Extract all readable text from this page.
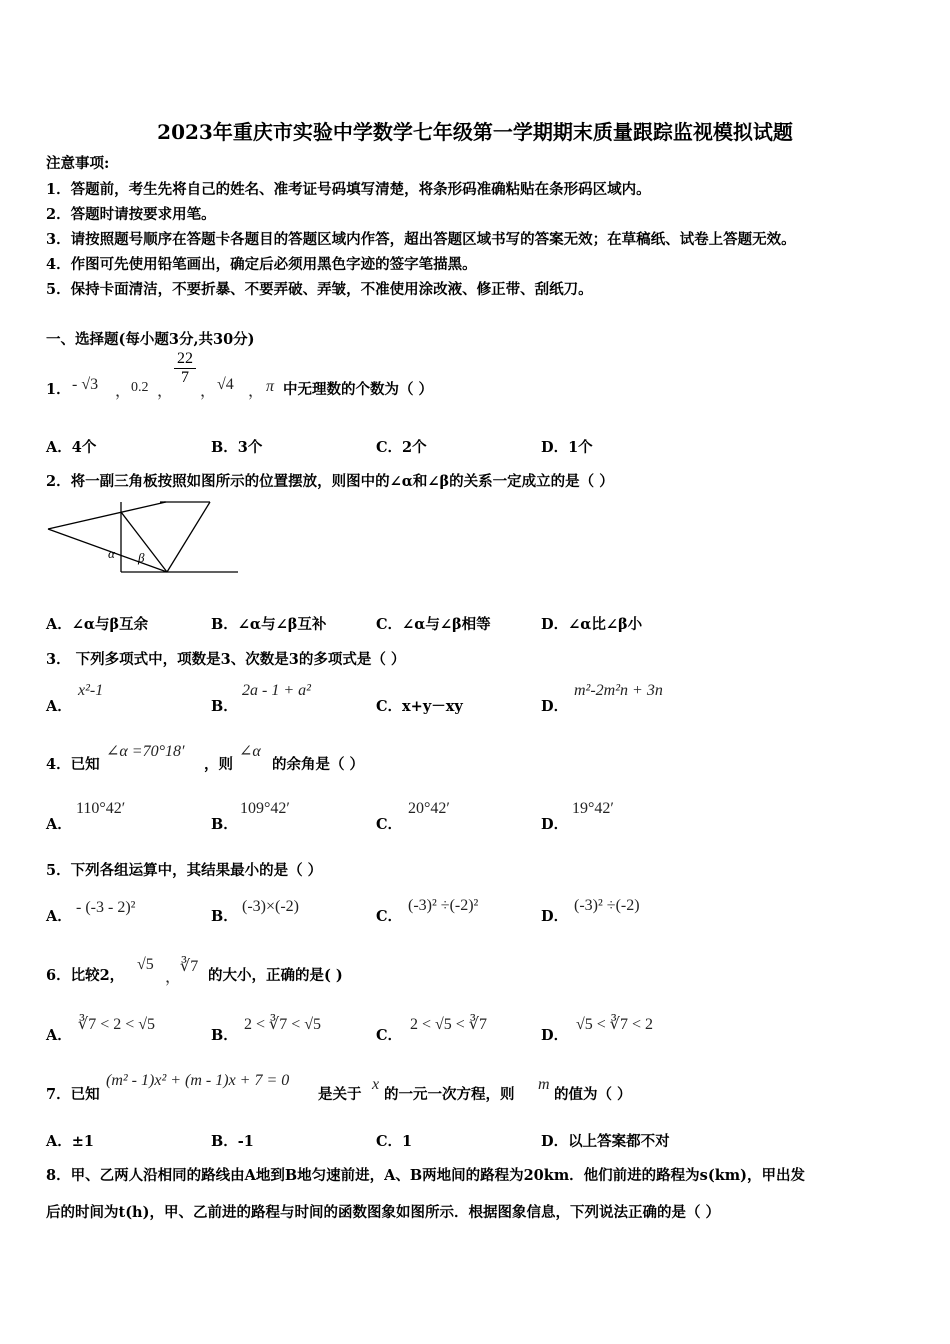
2023年重庆市实验中学数学七年级第一学期期末质量跟踪监视模拟试题
注意事项:
1．答题前，考生先将自己的姓名、准考证号码填写清楚，将条形码准确粘贴在条形码区域内。
2．答题时请按要求用笔。
3．请按照题号顺序在答题卡各题目的答题区域内作答，超出答题区域书写的答案无效；在草稿纸、试卷上答题无效。
4．作图可先使用铅笔画出，确定后必须用黑色字迹的签字笔描黑。
5．保持卡面清洁，不要折暴、不要弄破、弄皱，不准使用涂改液、修正带、刮纸刀。
一、选择题(每小题3分,共30分)
1． - √3 ， 0.2 ，
$\frac{22}{7}$
， √4 ， π 中无理数的个数为（ ）
A．4个	B．3个	C．2个	D．1个
2．将一副三角板按照如图所示的位置摆放，则图中的∠α和∠β的关系一定成立的是（ ）
α β
A．∠α与β互余	B．∠α与∠β互补	C．∠α与∠β相等	D．∠α比∠β小
3． 下列多项式中，项数是3、次数是3的多项式是（ ）
A．
x²-1
B．
2a - 1 + a²
C．x+y－xy	D．
m²-2m²n + 3n
4．已知
∠α =70°18′
，则
∠α
的余角是（ ）
A．
110°42′
B．
109°42′
C．
20°42′
D．
19°42′
5．下列各组运算中，其结果最小的是（ ）
A．
- (-3 - 2)²
B．
(-3)×(-2)
C．
(-3)² ÷(-2)²
D．
(-3)² ÷(-2)
6．比较2，
√5
，
∛7
的大小，正确的是( )
A．
∛7 < 2 < √5
B．
2 < ∛7 < √5
C．
2 < √5 < ∛7
D．
√5 < ∛7 < 2
7．已知
(m² - 1)x² + (m - 1)x + 7 = 0
是关于
x
的一元一次方程，则
m
的值为（ ）
A．±1	B．-1	C．1	D．以上答案都不对
8．甲、乙两人沿相同的路线由A地到B地匀速前进，A、B两地间的路程为20km．他们前进的路程为s(km)，甲出发
后的时间为t(h)，甲、乙前进的路程与时间的函数图象如图所示．根据图象信息，下列说法正确的是（ ）
